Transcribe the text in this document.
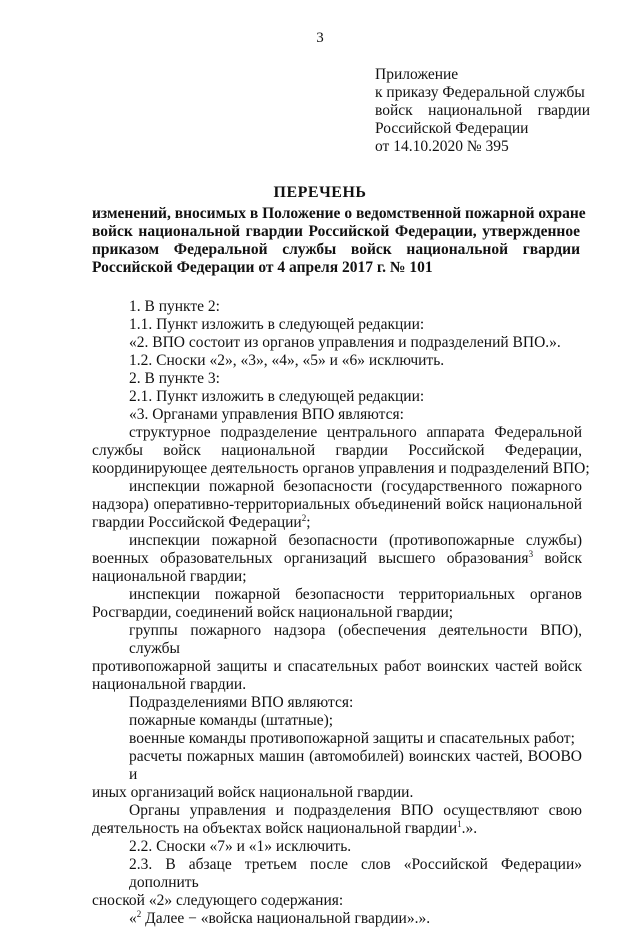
3
Приложение
к приказу Федеральной службы
войск национальной гвардии
Российской Федерации
от 14.10.2020 № 395
ПЕРЕЧЕНЬ
изменений, вносимых в Положение о ведомственной пожарной охране
войск национальной гвардии Российской Федерации, утвержденное
приказом Федеральной службы войск национальной гвардии
Российской Федерации от 4 апреля 2017 г. № 101
1. В пункте 2:
1.1. Пункт изложить в следующей редакции:
«2. ВПО состоит из органов управления и подразделений ВПО.».
1.2. Сноски «2», «3», «4», «5» и «6» исключить.
2. В пункте 3:
2.1. Пункт изложить в следующей редакции:
«3. Органами управления ВПО являются:
структурное подразделение центрального аппарата Федеральной
службы войск национальной гвардии Российской Федерации,
координирующее деятельность органов управления и подразделений ВПО;
инспекции пожарной безопасности (государственного пожарного
надзора) оперативно-территориальных объединений войск национальной
гвардии Российской Федерации$^2$;
инспекции пожарной безопасности (противопожарные службы)
военных образовательных организаций высшего образования$^3$ войск
национальной гвардии;
инспекции пожарной безопасности территориальных органов
Росгвардии, соединений войск национальной гвардии;
группы пожарного надзора (обеспечения деятельности ВПО), службы
противопожарной защиты и спасательных работ воинских частей войск
национальной гвардии.
Подразделениями ВПО являются:
пожарные команды (штатные);
военные команды противопожарной защиты и спасательных работ;
расчеты пожарных машин (автомобилей) воинских частей, ВООВО и
иных организаций войск национальной гвардии.
Органы управления и подразделения ВПО осуществляют свою
деятельность на объектах войск национальной гвардии$^1$.».
2.2. Сноски «7» и «1» исключить.
2.3. В абзаце третьем после слов «Российской Федерации» дополнить
сноской «2» следующего содержания:
«$^2$ Далее − «войска национальной гвардии».».
